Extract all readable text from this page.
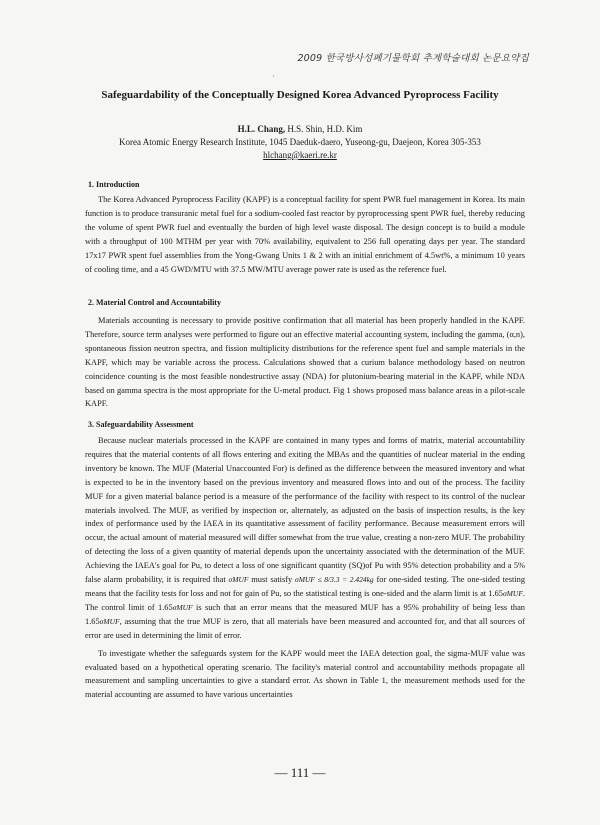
2009 한국방사성폐기물학회 추계학술대회 논문요약집
·
Safeguardability of the Conceptually Designed Korea Advanced Pyroprocess Facility
H.L. Chang, H.S. Shin, H.D. Kim
Korea Atomic Energy Research Institute, 1045 Daeduk-daero, Yuseong-gu, Daejeon, Korea 305-353
hlchang@kaeri.re.kr
1. Introduction

The Korea Advanced Pyroprocess Facility (KAPF) is a conceptual facility for spent PWR fuel management in Korea. Its main function is to produce transuranic metal fuel for a sodium-cooled fast reactor by pyroprocessing spent PWR fuel, thereby reducing the volume of spent PWR fuel and eventually the burden of high level waste disposal. The design concept is to build a module with a throughput of 100 MTHM per year with 70% availability, equivalent to 256 full operating days per year. The standard 17x17 PWR spent fuel assemblies from the Yong-Gwang Units 1 & 2 with an initial enrichment of 4.5wt%, a minimum 10 years of cooling time, and a 45 GWD/MTU with 37.5 MW/MTU average power rate is used as the reference fuel.

2. Material Control and Accountability

Materials accounting is necessary to provide positive confirmation that all material has been properly handled in the KAPF. Therefore, source term analyses were performed to figure out an effective material accounting system, including the gamma, (α,n), spontaneous fission neutron spectra, and fission multiplicity distributions for the reference spent fuel and sample materials in the KAPF, which may be variable across the process. Calculations showed that a curium balance methodology based on neutron coincidence counting is the most feasible nondestructive assay (NDA) for plutonium-bearing material in the KAPF, while NDA based on gamma spectra is the most appropriate for the U-metal product. Fig 1 shows proposed mass balance areas in a pilot-scale KAPF.

3. Safeguardability Assessment

Because nuclear materials processed in the KAPF are contained in many types and forms of matrix, material accountability requires that the material contents of all flows entering and exiting the MBAs and the quantities of nuclear material in the ending inventory be known. The MUF (Material Unaccounted For) is defined as the difference between the measured inventory and what is expected to be in the inventory based on the previous inventory and measured flows into and out of the process. The facility MUF for a given material balance period is a measure of the performance of the facility with respect to its control of the nuclear materials involved. The MUF, as verified by inspection or, alternately, as adjusted on the basis of inspection results, is the key index of performance used by the IAEA in its quantitative assessment of facility performance. Because measurement errors will occur, the actual amount of material measured will differ somewhat from the true value, creating a non-zero MUF. The probability of detecting the loss of a given quantity of material depends upon the uncertainty associated with the determination of the MUF. Achieving the IAEA's goal for Pu, to detect a loss of one significant quantity (SQ)of Pu with 95% detection probability and a 5% false alarm probability, it is required that σMUF must satisfy σMUF ≤ 8/3.3 = 2.424kg for one-sided testing. The one-sided testing means that the facility tests for loss and not for gain of Pu, so the statistical testing is one-sided and the alarm limit is at 1.65σMUF. The control limit of 1.65σMUF is such that an error means that the measured MUF has a 95% probability of being less than 1.65σMUF, assuming that the true MUF is zero, that all materials have been measured and accounted for, and that all sources of error are used in determining the limit of error.

To investigate whether the safeguards system for the KAPF would meet the IAEA detection goal, the sigma-MUF value was evaluated based on a hypothetical operating scenario. The facility's material control and accountability methods propagate all measurement and sampling uncertainties to give a standard error. As shown in Table 1, the measurement methods used for the material accounting are assumed to have various uncertainties

— 111 —
